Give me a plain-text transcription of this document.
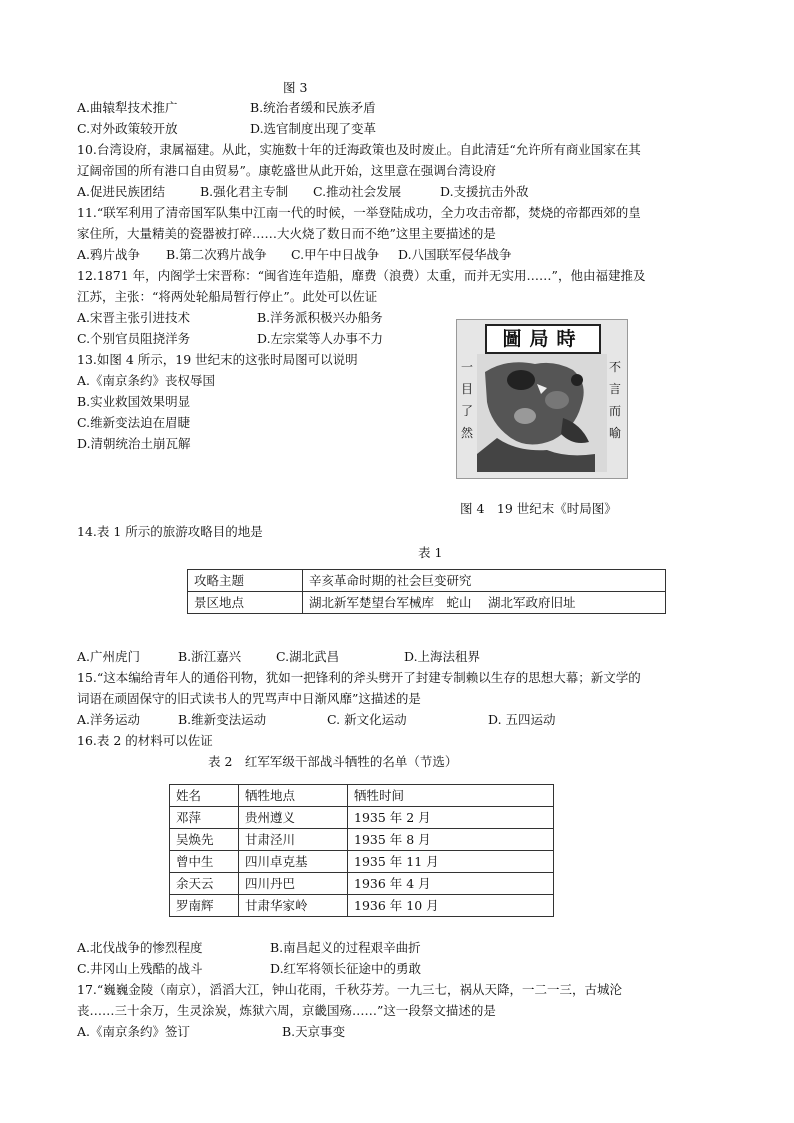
图 3
A.曲辕犁技术推广	B.统治者缓和民族矛盾
C.对外政策较开放	D.选官制度出现了变革
10.台湾设府，隶属福建。从此，实施数十年的迁海政策也及时废止。自此清廷“允许所有商业国家在其
辽阔帝国的所有港口自由贸易”。康乾盛世从此开始，这里意在强调台湾设府
A.促进民族团结	B.强化君主专制 C.推动社会发展	D.支援抗击外敌
11.“联军利用了清帝国军队集中江南一代的时候，一举登陆成功，全力攻击帝都，焚烧的帝都西郊的皇
家住所，大量精美的瓷器被打碎……大火烧了数日而不绝”这里主要描述的是
A.鸦片战争 B.第二次鸦片战争 C.甲午中日战争 D.八国联军侵华战争
12.1871 年，内阁学士宋晋称：“闽省连年造船，靡费（浪费）太重，而并无实用……”，他由福建推及
江苏，主张：“将两处轮船局暂行停止”。此处可以佐证
A.宋晋主张引进技术	B.洋务派积极兴办船务
C.个别官员阻挠洋务	D.左宗棠等人办事不力
13.如图 4 所示，19 世纪末的这张时局图可以说明
A.《南京条约》丧权辱国
B.实业救国效果明显
C.维新变法迫在眉睫
D.清朝统治土崩瓦解
圖局時
一目了然
不言而喻
图 4　19 世纪末《时局图》
14.表 1 所示的旅游攻略目的地是
表 1
攻略主题	辛亥革命时期的社会巨变研究
景区地点	湖北新军楚望台军械库　蛇山　 湖北军政府旧址
A.广州虎门	B.浙江嘉兴	C.湖北武昌	D.上海法租界
15.“这本编给青年人的通俗刊物，犹如一把锋利的斧头劈开了封建专制赖以生存的思想大幕；新文学的
词语在顽固保守的旧式读书人的咒骂声中日渐风靡”这描述的是
A.洋务运动	B.维新变法运动	C. 新文化运动	D. 五四运动
16.表 2 的材料可以佐证
表 2　红军军级干部战斗牺牲的名单（节选）
姓名	牺牲地点	牺牲时间
邓萍	贵州遵义	1935 年 2 月
吴焕先	甘肃泾川	1935 年 8 月
曾中生	四川卓克基	1935 年 11 月
余天云	四川丹巴	1936 年 4 月
罗南辉	甘肃华家岭	1936 年 10 月
A.北伐战争的惨烈程度	B.南昌起义的过程艰辛曲折
C.井冈山上残酷的战斗	D.红军将领长征途中的勇敢
17.“巍巍金陵（南京），滔滔大江，钟山花雨，千秋芬芳。一九三七，祸从天降，一二一三，古城沦
丧……三十余万，生灵涂炭，炼狱六周，京畿国殇……”这一段祭文描述的是
A.《南京条约》签订	B.天京事变
